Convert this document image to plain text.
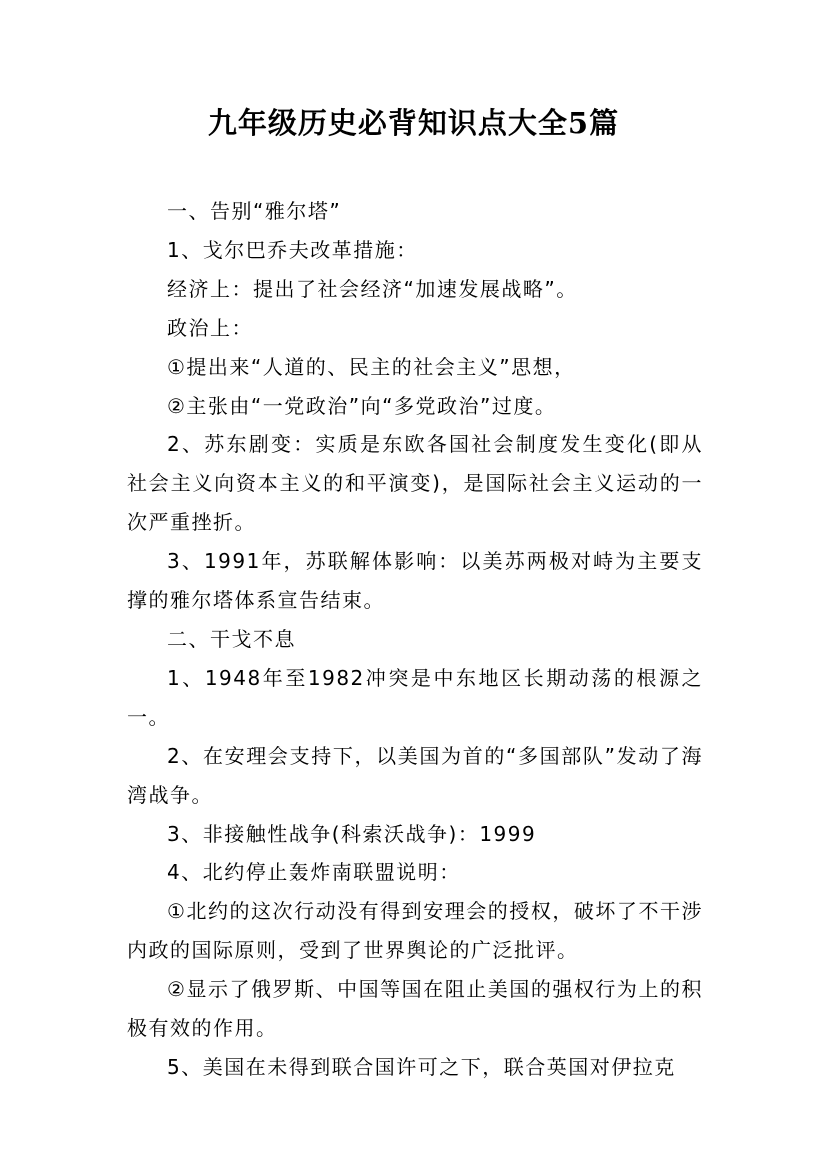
九年级历史必背知识点大全5篇

一、告别“雅尔塔”

1、戈尔巴乔夫改革措施：

经济上：提出了社会经济“加速发展战略”。

政治上：

①提出来“人道的、民主的社会主义”思想，

②主张由“一党政治”向“多党政治”过度。

2、苏东剧变：实质是东欧各国社会制度发生变化(即从社会主义向资本主义的和平演变)，是国际社会主义运动的一次严重挫折。

3、1991年，苏联解体影响：以美苏两极对峙为主要支撑的雅尔塔体系宣告结束。

二、干戈不息

1、1948年至1982冲突是中东地区长期动荡的根源之一。

2、在安理会支持下，以美国为首的“多国部队”发动了海湾战争。

3、非接触性战争(科索沃战争)：1999

4、北约停止轰炸南联盟说明：

①北约的这次行动没有得到安理会的授权，破坏了不干涉内政的国际原则，受到了世界舆论的广泛批评。

②显示了俄罗斯、中国等国在阻止美国的强权行为上的积极有效的作用。

5、美国在未得到联合国许可之下，联合英国对伊拉克
